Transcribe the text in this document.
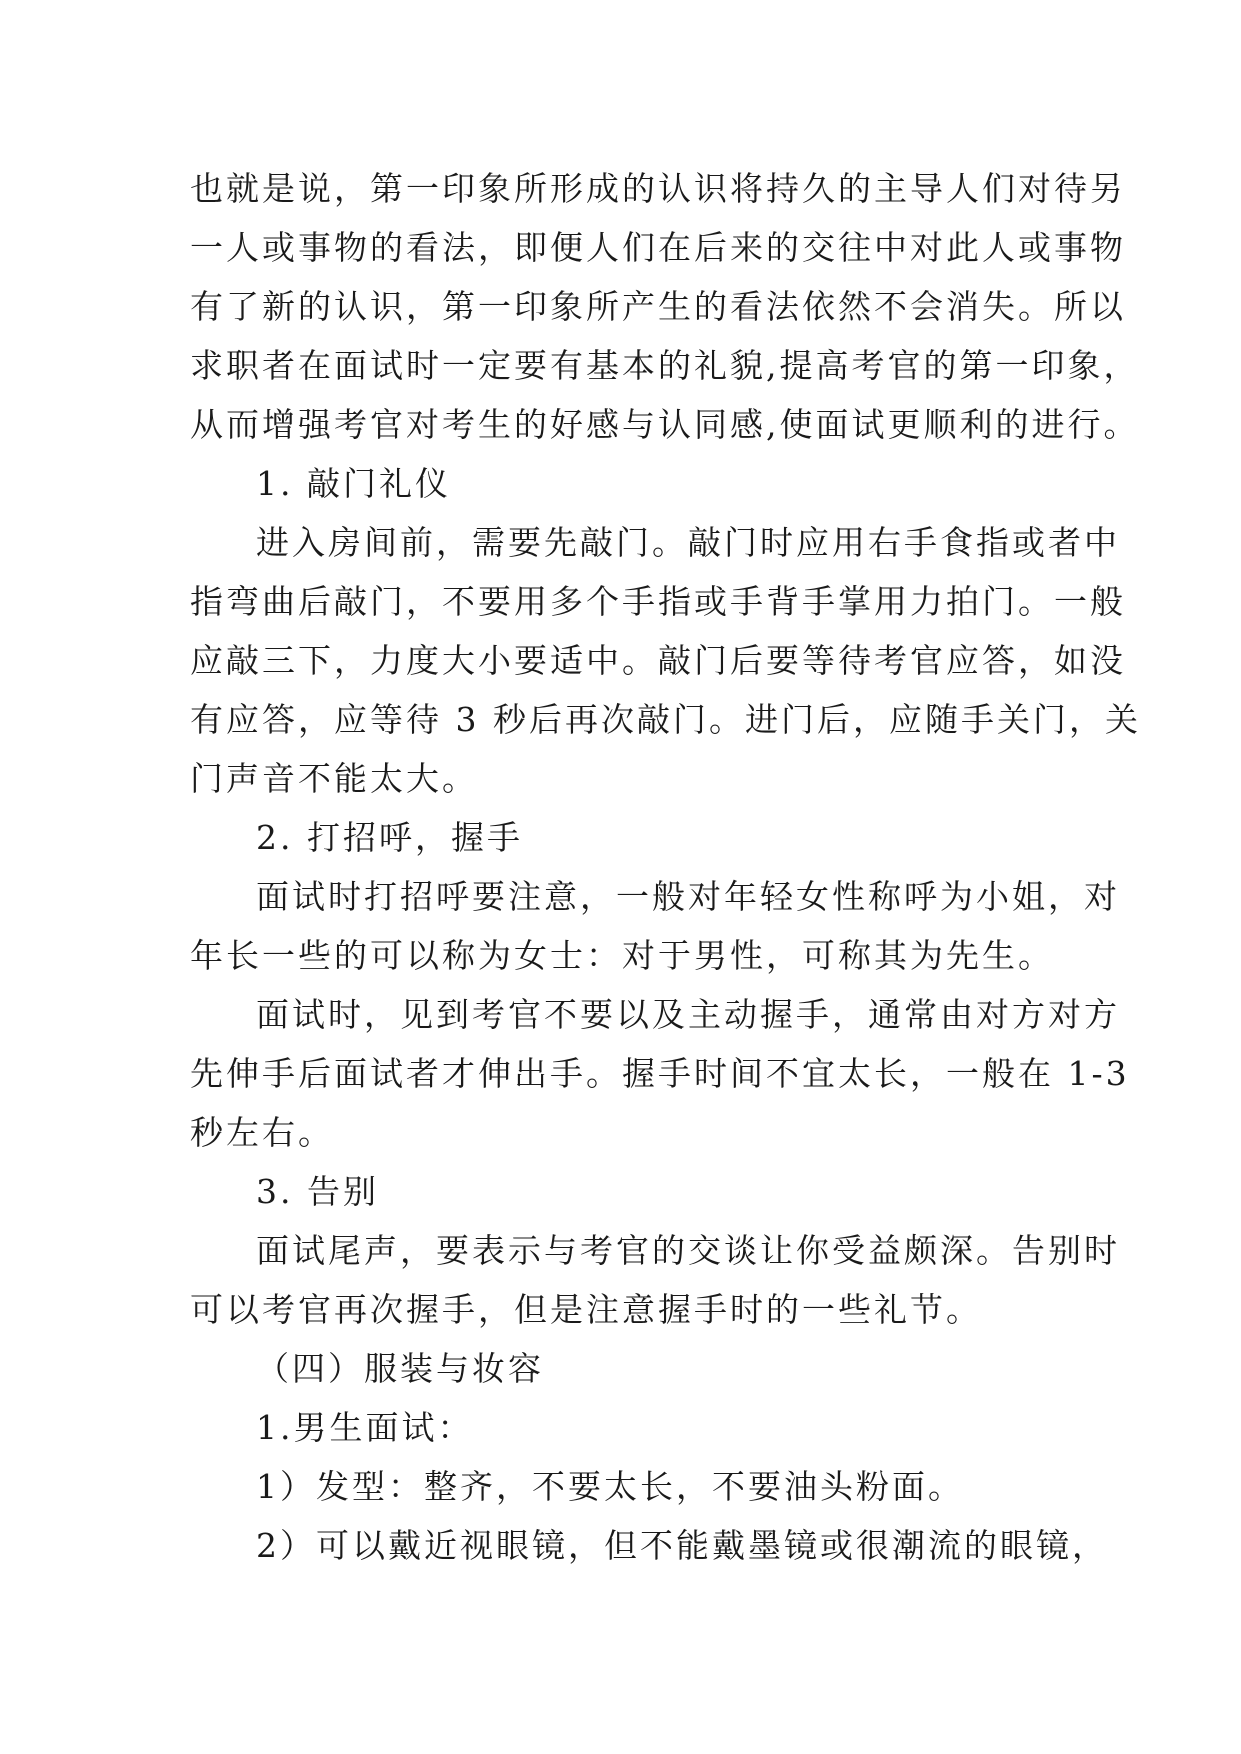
也就是说，第一印象所形成的认识将持久的主导人们对待另
一人或事物的看法，即便人们在后来的交往中对此人或事物
有了新的认识，第一印象所产生的看法依然不会消失。所以
求职者在面试时一定要有基本的礼貌,提高考官的第一印象，
从而增强考官对考生的好感与认同感,使面试更顺利的进行。
1. 敲门礼仪
进入房间前，需要先敲门。敲门时应用右手食指或者中
指弯曲后敲门，不要用多个手指或手背手掌用力拍门。一般
应敲三下，力度大小要适中。敲门后要等待考官应答，如没
有应答，应等待 3 秒后再次敲门。进门后，应随手关门，关
门声音不能太大。
2. 打招呼，握手
面试时打招呼要注意，一般对年轻女性称呼为小姐，对
年长一些的可以称为女士：对于男性，可称其为先生。
面试时，见到考官不要以及主动握手，通常由对方对方
先伸手后面试者才伸出手。握手时间不宜太长，一般在 1-3
秒左右。
3. 告别
面试尾声，要表示与考官的交谈让你受益颇深。告别时
可以考官再次握手，但是注意握手时的一些礼节。
（四）服装与妆容
1.男生面试：
1）发型：整齐，不要太长，不要油头粉面。
2）可以戴近视眼镜，但不能戴墨镜或很潮流的眼镜，
